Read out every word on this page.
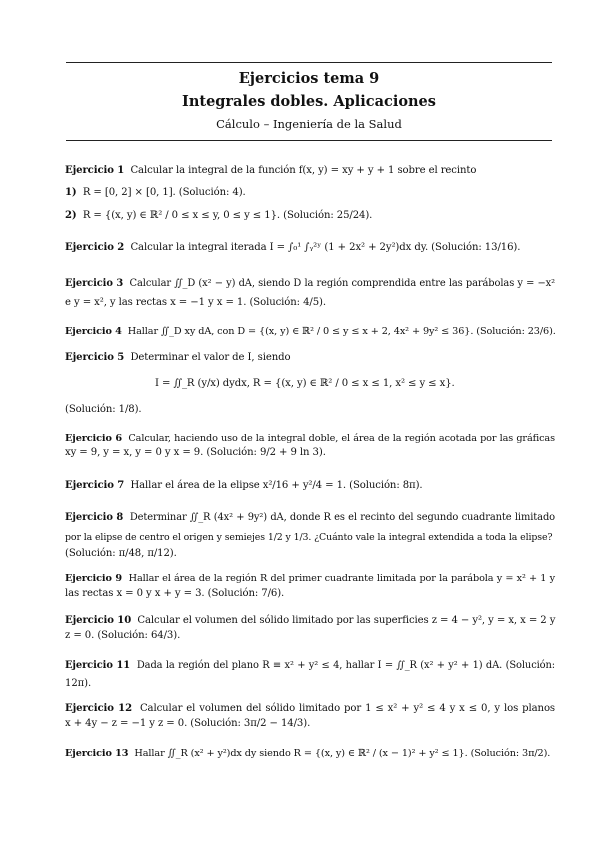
Ejercicios tema 9
Integrales dobles. Aplicaciones
Cálculo – Ingeniería de la Salud
Ejercicio 1 Calcular la integral de la función f(x, y) = xy + y + 1 sobre el recinto
1) R = [0, 2] × [0, 1]. (Solución: 4).
2) R = {(x, y) ∈ ℝ² / 0 ≤ x ≤ y, 0 ≤ y ≤ 1}. (Solución: 25/24).
Ejercicio 2 Calcular la integral iterada I = ∫₀¹ ∫ᵧ²ʸ (1 + 2x² + 2y²)dx dy. (Solución: 13/16).
Ejercicio 3 Calcular ∬_D (x² − y) dA, siendo D la región comprendida entre las parábolas y = −x²
e y = x², y las rectas x = −1 y x = 1. (Solución: 4/5).
Ejercicio 4 Hallar ∬_D xy dA, con D = {(x, y) ∈ ℝ² / 0 ≤ y ≤ x + 2, 4x² + 9y² ≤ 36}. (Solución: 23/6).
Ejercicio 5 Determinar el valor de I, siendo
I = ∬_R (y/x) dydx, R = {(x, y) ∈ ℝ² / 0 ≤ x ≤ 1, x² ≤ y ≤ x}.
(Solución: 1/8).
Ejercicio 6 Calcular, haciendo uso de la integral doble, el área de la región acotada por las gráficas
xy = 9, y = x, y = 0 y x = 9. (Solución: 9/2 + 9 ln 3).
Ejercicio 7 Hallar el área de la elipse x²/16 + y²/4 = 1. (Solución: 8π).
Ejercicio 8 Determinar ∬_R (4x² + 9y²) dA, donde R es el recinto del segundo cuadrante limitado
por la elipse de centro el origen y semiejes 1/2 y 1/3. ¿Cuánto vale la integral extendida a toda la elipse?
(Solución: π/48, π/12).
Ejercicio 9 Hallar el área de la región R del primer cuadrante limitada por la parábola y = x² + 1 y
las rectas x = 0 y x + y = 3. (Solución: 7/6).
Ejercicio 10 Calcular el volumen del sólido limitado por las superficies z = 4 − y², y = x, x = 2 y
z = 0. (Solución: 64/3).
Ejercicio 11 Dada la región del plano R ≡ x² + y² ≤ 4, hallar I = ∬_R (x² + y² + 1) dA. (Solución:
12π).
Ejercicio 12 Calcular el volumen del sólido limitado por 1 ≤ x² + y² ≤ 4 y x ≤ 0, y los planos
x + 4y − z = −1 y z = 0. (Solución: 3π/2 − 14/3).
Ejercicio 13 Hallar ∬_R (x² + y²)dx dy siendo R = {(x, y) ∈ ℝ² / (x − 1)² + y² ≤ 1}. (Solución: 3π/2).
